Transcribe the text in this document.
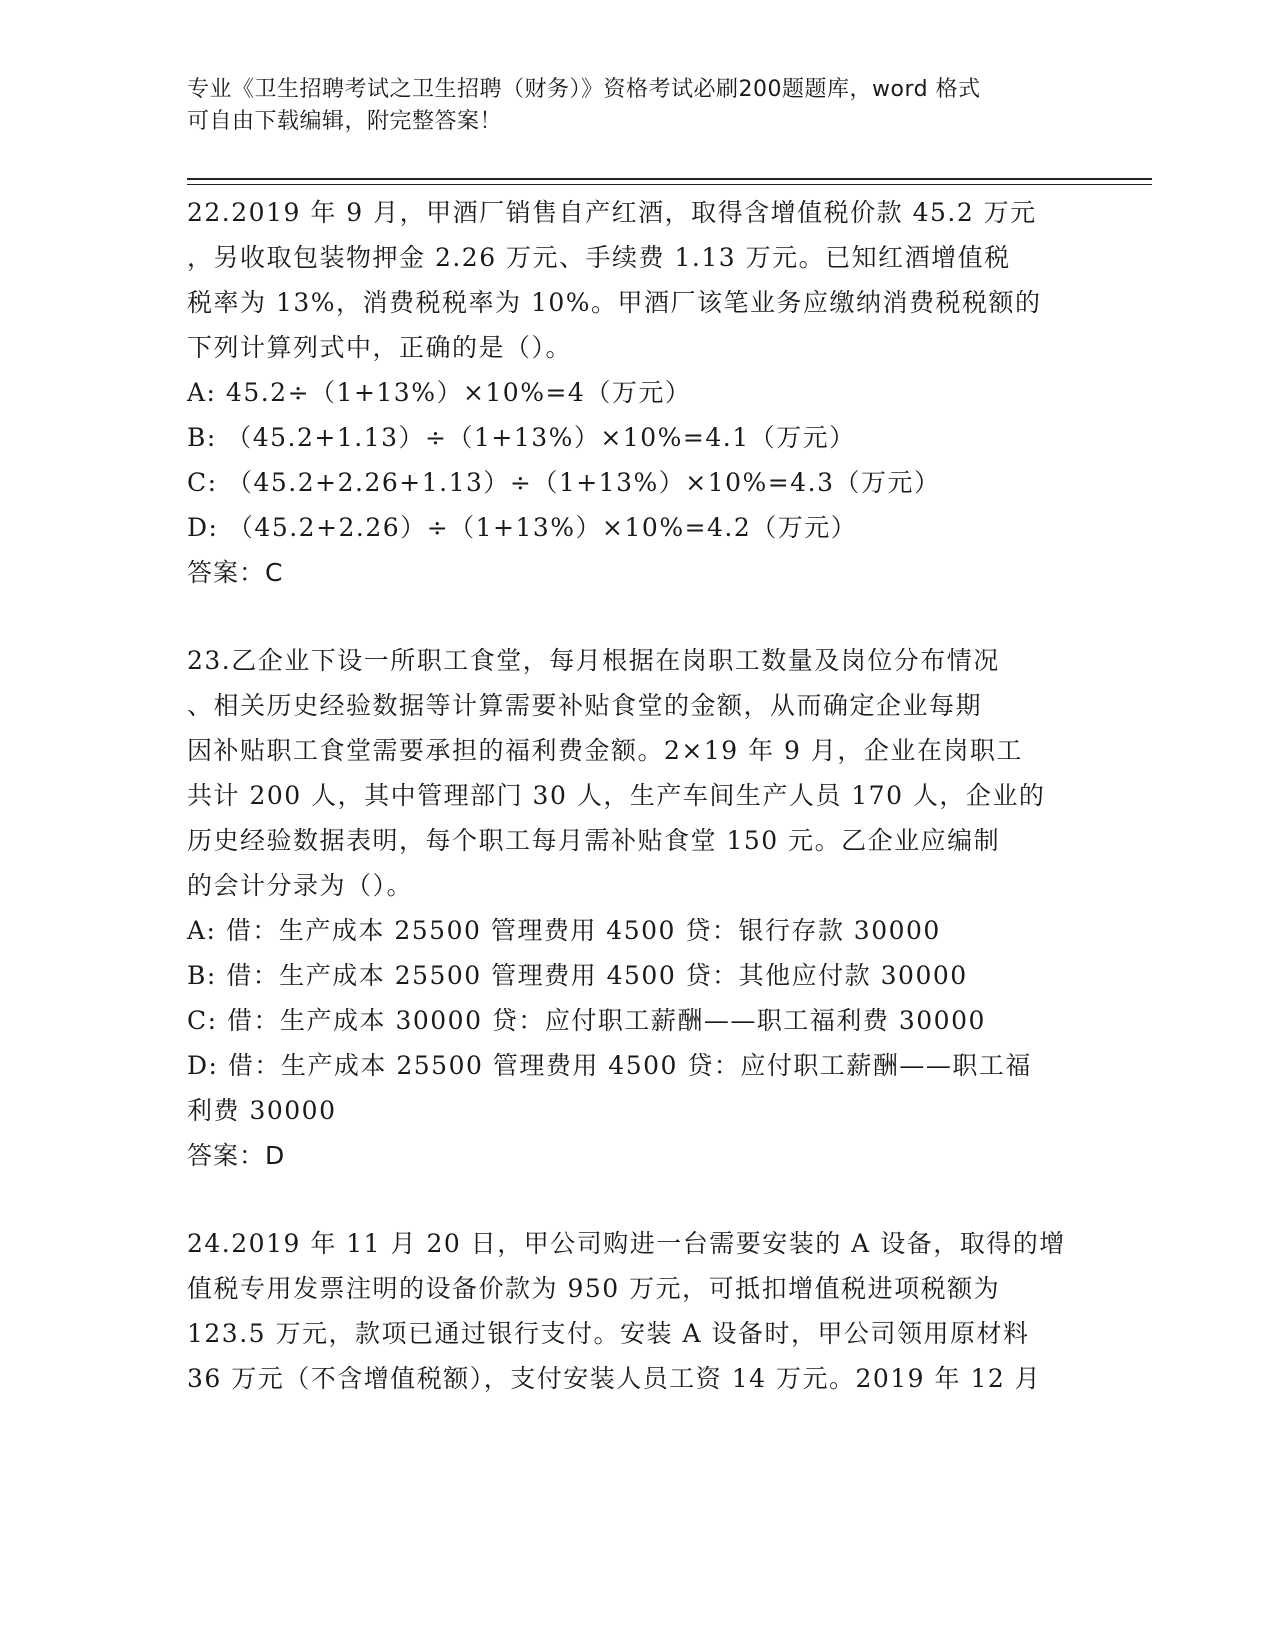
专业《卫生招聘考试之卫生招聘（财务）》资格考试必刷200题题库，word 格式
可自由下载编辑，附完整答案！
22.2019 年 9 月，甲酒厂销售自产红酒，取得含增值税价款 45.2 万元
，另收取包装物押金 2.26 万元、手续费 1.13 万元。已知红酒增值税
税率为 13%，消费税税率为 10%。甲酒厂该笔业务应缴纳消费税税额的
下列计算列式中，正确的是（）。
A: 45.2÷（1+13%）×10%=4（万元）
B: （45.2+1.13）÷（1+13%）×10%=4.1（万元）
C: （45.2+2.26+1.13）÷（1+13%）×10%=4.3（万元）
D: （45.2+2.26）÷（1+13%）×10%=4.2（万元）
答案：C
23.乙企业下设一所职工食堂，每月根据在岗职工数量及岗位分布情况
、相关历史经验数据等计算需要补贴食堂的金额，从而确定企业每期
因补贴职工食堂需要承担的福利费金额。2×19 年 9 月，企业在岗职工
共计 200 人，其中管理部门 30 人，生产车间生产人员 170 人，企业的
历史经验数据表明，每个职工每月需补贴食堂 150 元。乙企业应编制
的会计分录为（）。
A: 借：生产成本 25500 管理费用 4500 贷：银行存款 30000
B: 借：生产成本 25500 管理费用 4500 贷：其他应付款 30000
C: 借：生产成本 30000 贷：应付职工薪酬——职工福利费 30000
D: 借：生产成本 25500 管理费用 4500 贷：应付职工薪酬——职工福
利费 30000
答案：D
24.2019 年 11 月 20 日，甲公司购进一台需要安装的 A 设备，取得的增
值税专用发票注明的设备价款为 950 万元，可抵扣增值税进项税额为
123.5 万元，款项已通过银行支付。安装 A 设备时，甲公司领用原材料
36 万元（不含增值税额），支付安装人员工资 14 万元。2019 年 12 月
